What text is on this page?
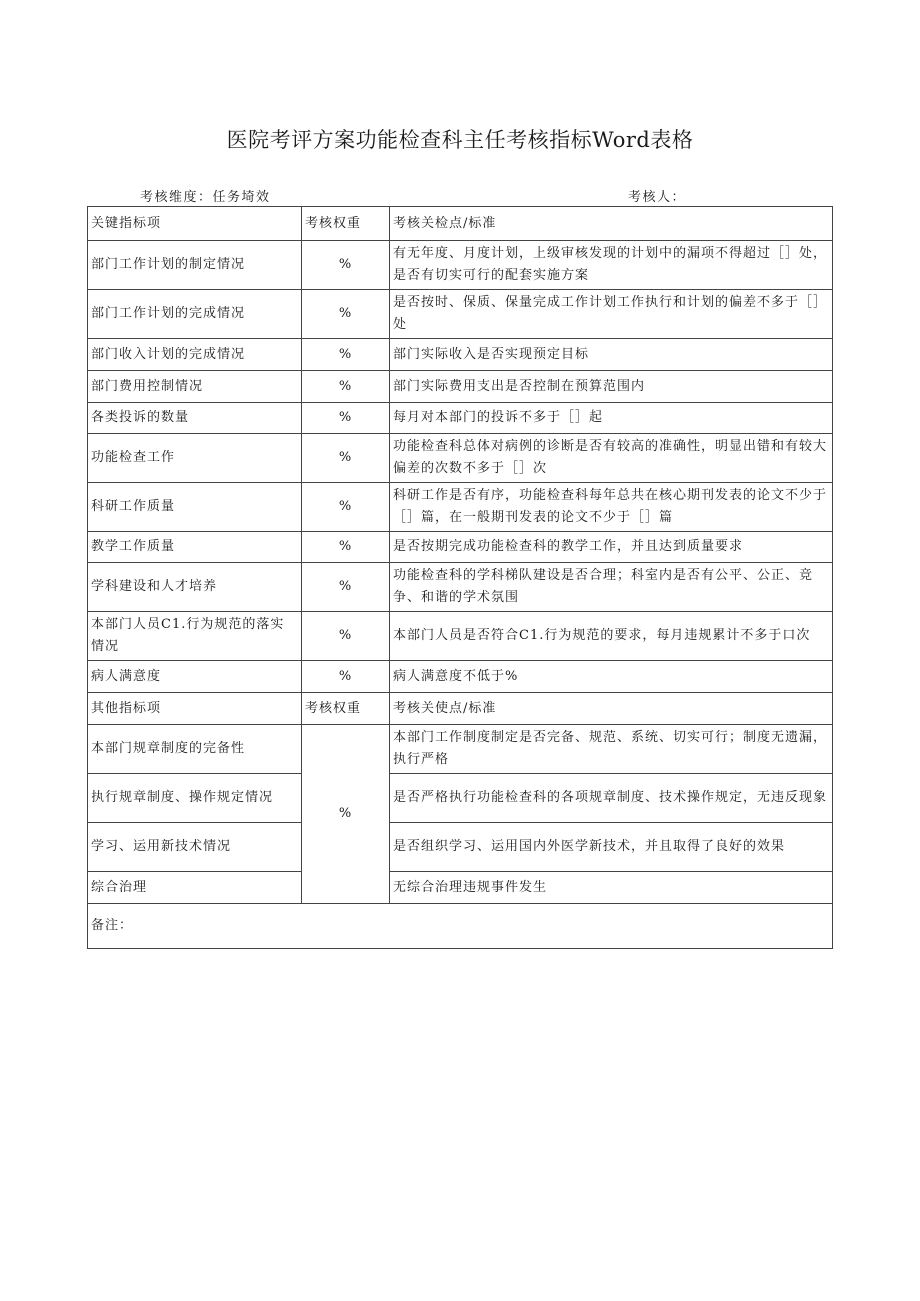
医院考评方案功能检查科主任考核指标Word表格
考核维度：任务埼效	考核人：
关键指标项	考核权重	考核关检点/标准
部门工作计划的制定情况	%	有无年度、月度计划，上级审核发现的计划中的漏项不得超过［］处，是否有切实可行的配套实施方案
部门工作计划的完成情况	%	是否按时、保质、保量完成工作计划工作执行和计划的偏差不多于［］处
部门收入计划的完成情况	%	部门实际收入是否实现预定目标
部门费用控制情况	%	部门实际费用支出是否控制在预算范围内
各类投诉的数量	%	每月对本部门的投诉不多于［］起
功能检查工作	%	功能检查科总体对病例的诊断是否有较高的准确性，明显出错和有较大偏差的次数不多于［］次
科研工作质量	%	科研工作是否有序，功能检查科每年总共在核心期刊发表的论文不少于［］篇，在一般期刊发表的论文不少于［］篇
教学工作质量	%	是否按期完成功能检查科的教学工作，并且达到质量要求
学科建设和人才培养	%	功能检查科的学科梯队建设是否合理；科室内是否有公平、公正、竞争、和谐的学术氛围
本部门人员C1.行为规范的落实情况	%	本部门人员是否符合C1.行为规范的要求，每月违规累计不多于口次
病人满意度	%	病人满意度不低于%
其他指标项	考核权重	考核关使点/标准
本部门规章制度的完备性	%	本部门工作制度制定是否完备、规范、系统、切实可行；制度无遗漏，执行严格
执行规章制度、操作规定情况		是否严格执行功能检查科的各项规章制度、技术操作规定，无违反现象
学习、运用新技术情况		是否组织学习、运用国内外医学新技术，并且取得了良好的效果
综合治理		无综合治理违规事件发生
备注：		
